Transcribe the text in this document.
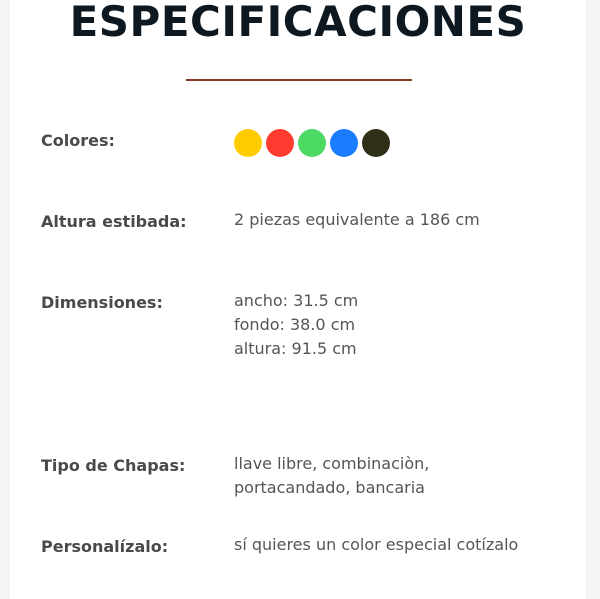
ESPECIFICACIONES
Colores:
Altura estibada:	2 piezas equivalente a 186 cm
Dimensiones:	ancho: 31.5 cm
fondo: 38.0 cm
altura: 91.5 cm
Tipo de Chapas:	llave libre, combinaciòn,
portacandado, bancaria
Personalízalo:	sí quieres un color especial cotízalo
